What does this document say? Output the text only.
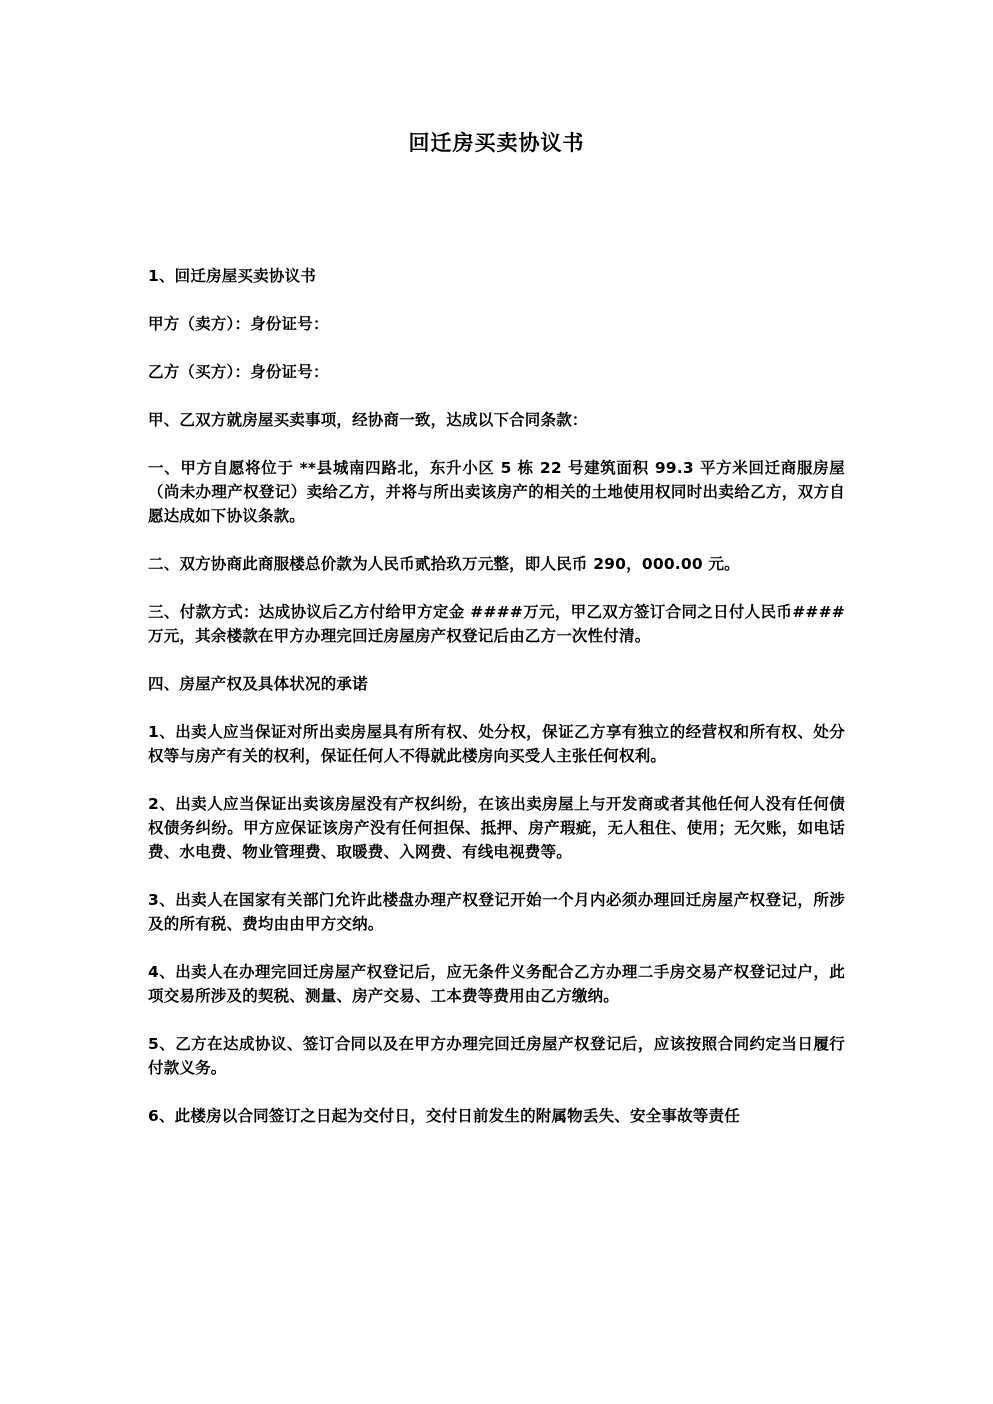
回迁房买卖协议书

1、回迁房屋买卖协议书

甲方（卖方）：身份证号：

乙方（买方）：身份证号：

甲、乙双方就房屋买卖事项，经协商一致，达成以下合同条款：

一、甲方自愿将位于 **县城南四路北，东升小区 5 栋 22 号建筑面积 99.3 平方米回迁商服房屋（尚未办理产权登记）卖给乙方，并将与所出卖该房产的相关的土地使用权同时出卖给乙方，双方自愿达成如下协议条款。

二、双方协商此商服楼总价款为人民币贰拾玖万元整，即人民币 290，000.00 元。

三、付款方式：达成协议后乙方付给甲方定金 ####万元，甲乙双方签订合同之日付人民币####万元，其余楼款在甲方办理完回迁房屋房产权登记后由乙方一次性付清。

四、房屋产权及具体状况的承诺

1、出卖人应当保证对所出卖房屋具有所有权、处分权，保证乙方享有独立的经营权和所有权、处分权等与房产有关的权利，保证任何人不得就此楼房向买受人主张任何权利。

2、出卖人应当保证出卖该房屋没有产权纠纷，在该出卖房屋上与开发商或者其他任何人没有任何债权债务纠纷。甲方应保证该房产没有任何担保、抵押、房产瑕疵，无人租住、使用；无欠账，如电话费、水电费、物业管理费、取暖费、入网费、有线电视费等。

3、出卖人在国家有关部门允许此楼盘办理产权登记开始一个月内必须办理回迁房屋产权登记，所涉及的所有税、费均由由甲方交纳。

4、出卖人在办理完回迁房屋产权登记后，应无条件义务配合乙方办理二手房交易产权登记过户，此项交易所涉及的契税、测量、房产交易、工本费等费用由乙方缴纳。

5、乙方在达成协议、签订合同以及在甲方办理完回迁房屋产权登记后，应该按照合同约定当日履行付款义务。

6、此楼房以合同签订之日起为交付日，交付日前发生的附属物丢失、安全事故等责任
